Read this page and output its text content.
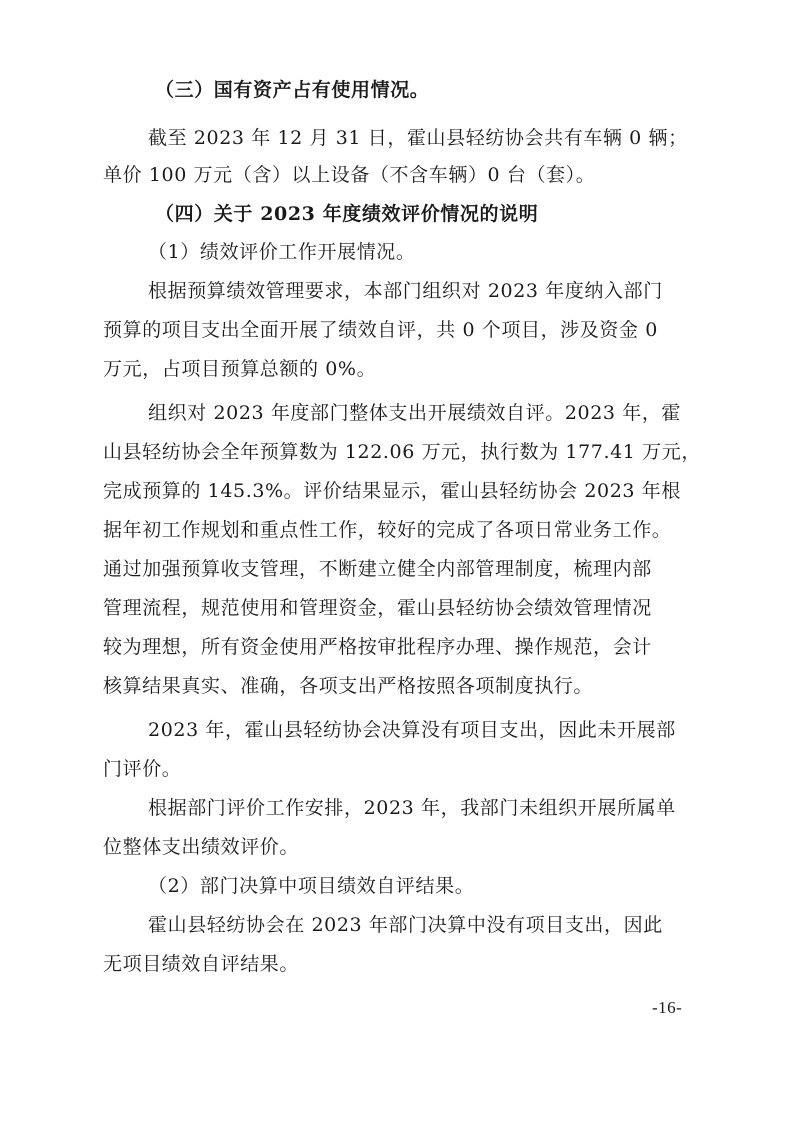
（三）国有资产占有使用情况。
截至 2023 年 12 月 31 日，霍山县轻纺协会共有车辆 0 辆；
单价 100 万元（含）以上设备（不含车辆）0 台（套）。
（四）关于 2023 年度绩效评价情况的说明
（1）绩效评价工作开展情况。
根据预算绩效管理要求，本部门组织对 2023 年度纳入部门
预算的项目支出全面开展了绩效自评，共 0 个项目，涉及资金 0
万元，占项目预算总额的 0%。
组织对 2023 年度部门整体支出开展绩效自评。2023 年，霍
山县轻纺协会全年预算数为 122.06 万元，执行数为 177.41 万元，
完成预算的 145.3%。评价结果显示，霍山县轻纺协会 2023 年根
据年初工作规划和重点性工作，较好的完成了各项日常业务工作。
通过加强预算收支管理，不断建立健全内部管理制度，梳理内部
管理流程，规范使用和管理资金，霍山县轻纺协会绩效管理情况
较为理想，所有资金使用严格按审批程序办理、操作规范，会计
核算结果真实、准确，各项支出严格按照各项制度执行。
2023 年，霍山县轻纺协会决算没有项目支出，因此未开展部
门评价。
根据部门评价工作安排，2023 年，我部门未组织开展所属单
位整体支出绩效评价。
（2）部门决算中项目绩效自评结果。
霍山县轻纺协会在 2023 年部门决算中没有项目支出，因此
无项目绩效自评结果。
-16-
